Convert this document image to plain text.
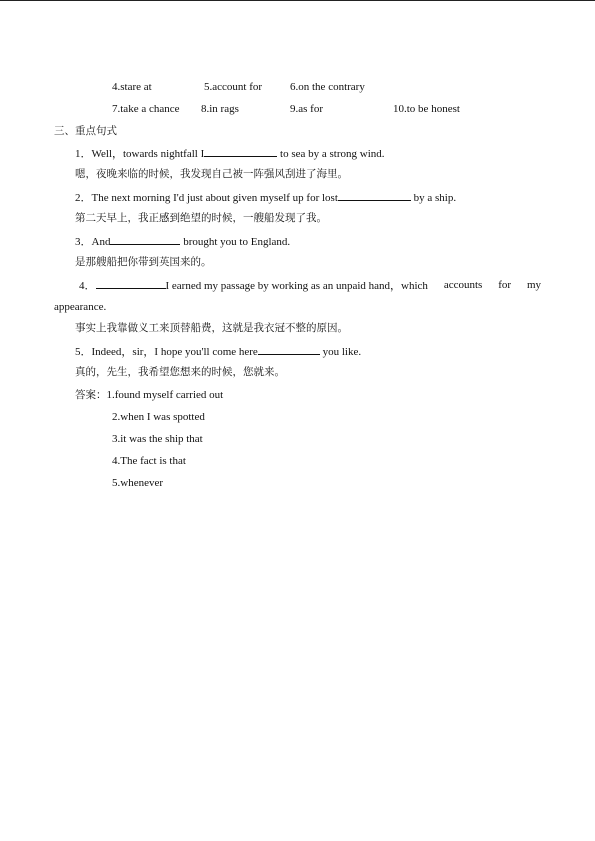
4.stare at	5.account for	6.on the contrary
7.take a chance 8.in rags	9.as for	10.to be honest
三、重点句式
1．Well，towards nightfall I	to sea by a strong wind.
嗯，夜晚来临的时候，我发现自己被一阵强风刮进了海里。
2．The next morning I'd just about given myself up for lost	by a ship.
第二天早上，我正感到绝望的时候，一艘船发现了我。
3．And	brought you to England.
是那艘船把你带到英国来的。
4．	I earned my passage by working as an unpaid hand，which accounts for my
appearance.
事实上我靠做义工来顶替船费，这就是我衣冠不整的原因。
5．Indeed，sir，I hope you'll come here	you like.
真的，先生，我希望您想来的时候，您就来。
答案：1.found myself carried out
2.when I was spotted
3.it was the ship that
4.The fact is that
5.whenever
